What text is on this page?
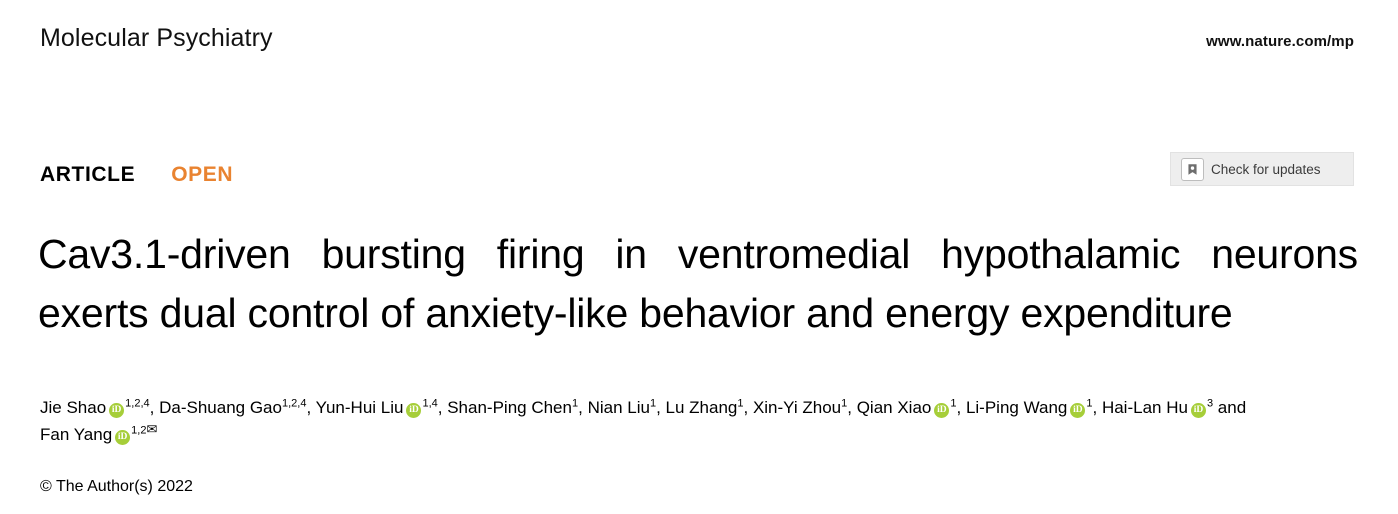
Molecular Psychiatry	www.nature.com/mp
ARTICLE OPEN	Check for updates
Cav3.1-driven bursting firing in ventromedial hypothalamic neurons exerts dual control of anxiety-like behavior and energy expenditure
Jie Shao iD$^{1,2,4}$, Da-Shuang Gao$^{1,2,4}$, Yun-Hui Liu iD$^{1,4}$, Shan-Ping Chen$^1$, Nian Liu$^1$, Lu Zhang$^1$, Xin-Yi Zhou$^1$, Qian Xiao $iD^1$, Li-Ping Wang $iD^1$, Hai-Lan Hu $iD^3$ and Fan Yang $iD^{1,2✉}$
© The Author(s) 2022
